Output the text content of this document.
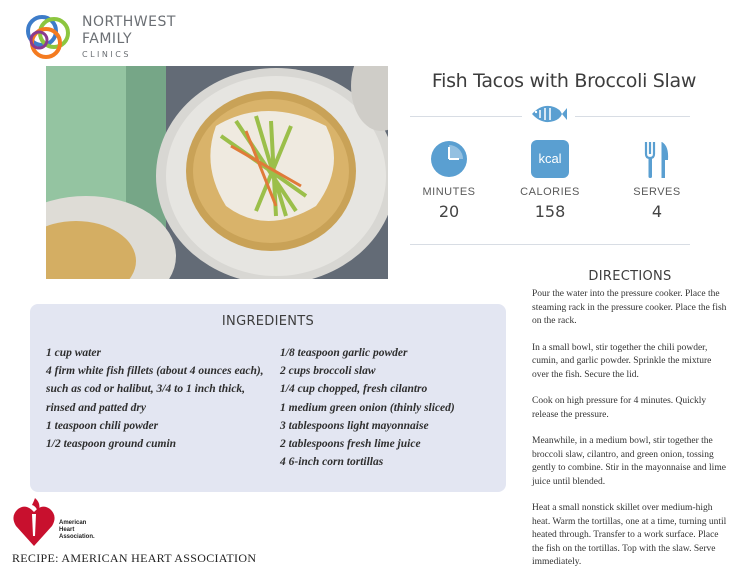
NORTHWEST
FAMILY
CLINICS
Fish Tacos with Broccoli Slaw
MINUTES
20
kcal
CALORIES
158
SERVES
4
DIRECTIONS

Pour the water into the pressure cooker. Place the steaming rack in the pressure cooker. Place the fish on the rack.

In a small bowl, stir together the chili powder, cumin, and garlic powder. Sprinkle the mixture over the fish. Secure the lid.

Cook on high pressure for 4 minutes. Quickly release the pressure.

Meanwhile, in a medium bowl, stir together the broccoli slaw, cilantro, and green onion, tossing gently to combine. Stir in the mayonnaise and lime juice until blended.

Heat a small nonstick skillet over medium-high heat. Warm the tortillas, one at a time, turning until heated through. Transfer to a work surface. Place the fish on the tortillas. Top with the slaw. Serve immediately.

INGREDIENTS
1 cup water
4 firm white fish fillets (about 4 ounces each), such as cod or halibut, 3/4 to 1 inch thick, rinsed and patted dry
1 teaspoon chili powder
1/2 teaspoon ground cumin
1/8 teaspoon garlic powder
2 cups broccoli slaw
1/4 cup chopped, fresh cilantro
1 medium green onion (thinly sliced)
3 tablespoons light mayonnaise
2 tablespoons fresh lime juice
4 6-inch corn tortillas
American
Heart
Association.
RECIPE: AMERICAN HEART ASSOCIATION
